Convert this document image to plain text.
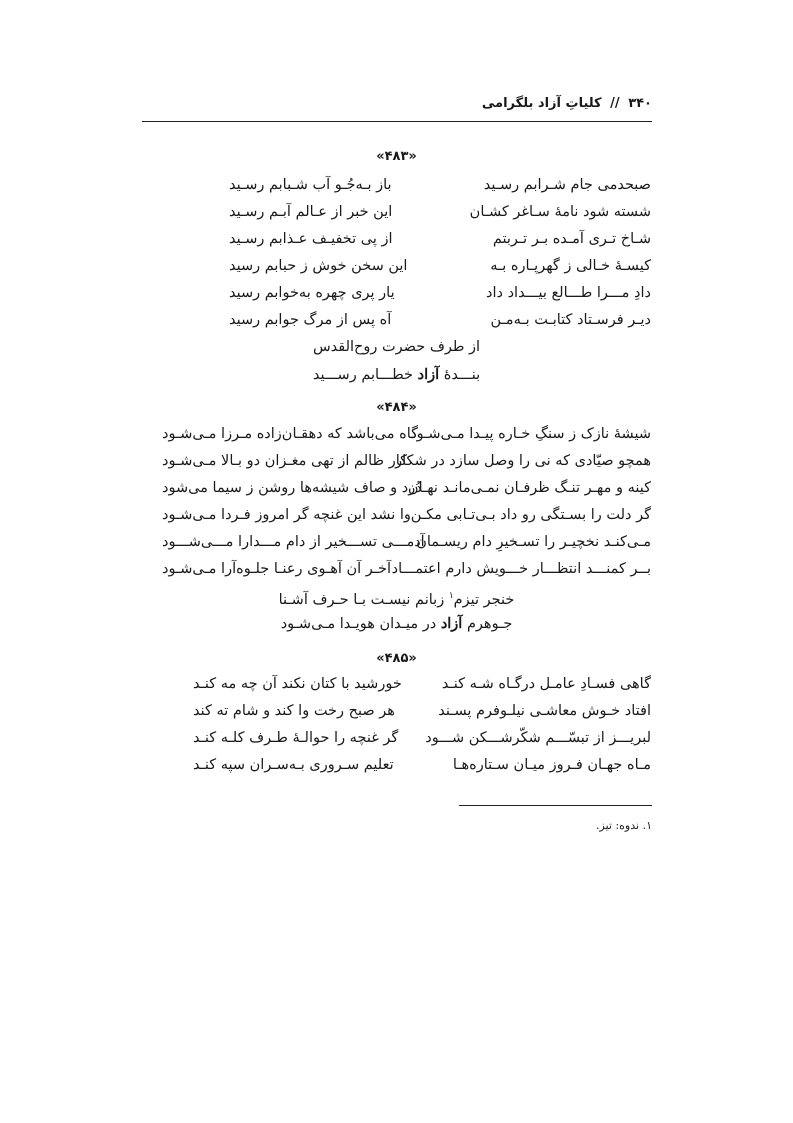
۳۴۰ // کلیاتِ آزاد بلگرامی
«۴۸۳»
صبحدمی جام شـرابم رسـید
باز بـه‌جُـو آب شـبابم رسـید
شسته شود نامهٔ سـاغر کشـان
این خبر از عـالم آبـم رسـید
شـاخ تـری آمـده بـر تـربتم
از پی تخفیـف عـذابم رسـید
کیسـهٔ خـالی ز گهرپـاره بـه
این سخن خوش ز حبابم رسید
دادِ مـــرا طـــالع بیـــداد داد
یار پری چهره به‌خوابم رسید
دیـر فرسـتاد کتابـت بـه‌مـن
آه پس از مرگ جوابم رسید
از طرف حضرت روح‌القدس
بنـــدهٔ آزاد خطـــابم رســـید
«۴۸۴»
شیشهٔ نازک ز سنگِ خـاره پیـدا مـی‌شـود
گاه می‌باشد که دهقـان‌زاده مـرزا مـی‌شـود
همچو صیّادی که نی را وصل سازد در شکار
کار ظالم از تهی مغـزان دو بـالا مـی‌شـود
کینه و مهـر تنـگ ظرفـان نمـی‌مانـد نهـان
دُرد و صاف شیشه‌ها روشن ز سیما می‌شود
گر دلت را بسـتگی رو داد بـی‌تـابی مکـن
وا نشد این غنچه گر امروز فـردا مـی‌شـود
مـی‌کنـد نخچیـر را تسـخیرِ دام ریسـمان
آدمـــی تســـخیر از دام مـــدارا مـــی‌شـــود
بــر کمنـــد انتظـــار خـــویش دارم اعتمـــاد
آخـر آن آهـوی رعنـا جلـوه‌آرا مـی‌شـود
خنجر تیزم$^۱$ زبانم نیسـت بـا حـرف آشـنا
جـوهرم آزاد در میـدان هویـدا مـی‌شـود
«۴۸۵»
گاهی فسـادِ عامـل درگـاه شـه کنـد
خورشید با کتان نکند آن چه مه کنـد
افتاد خـوش معاشـی نیلـوفرم پسـند
هر صبح رخت وا کند و شام ته کند
لبریـــز از تبسّـــم شکّرشـــکن شـــود
گر غنچه را حوالـهٔ طـرف کلـه کنـد
مـاه جهـان فـروز میـان سـتاره‌هـا
تعلیم سـروری بـه‌سـران سپه کنـد
۱. ندوه: تیز.
